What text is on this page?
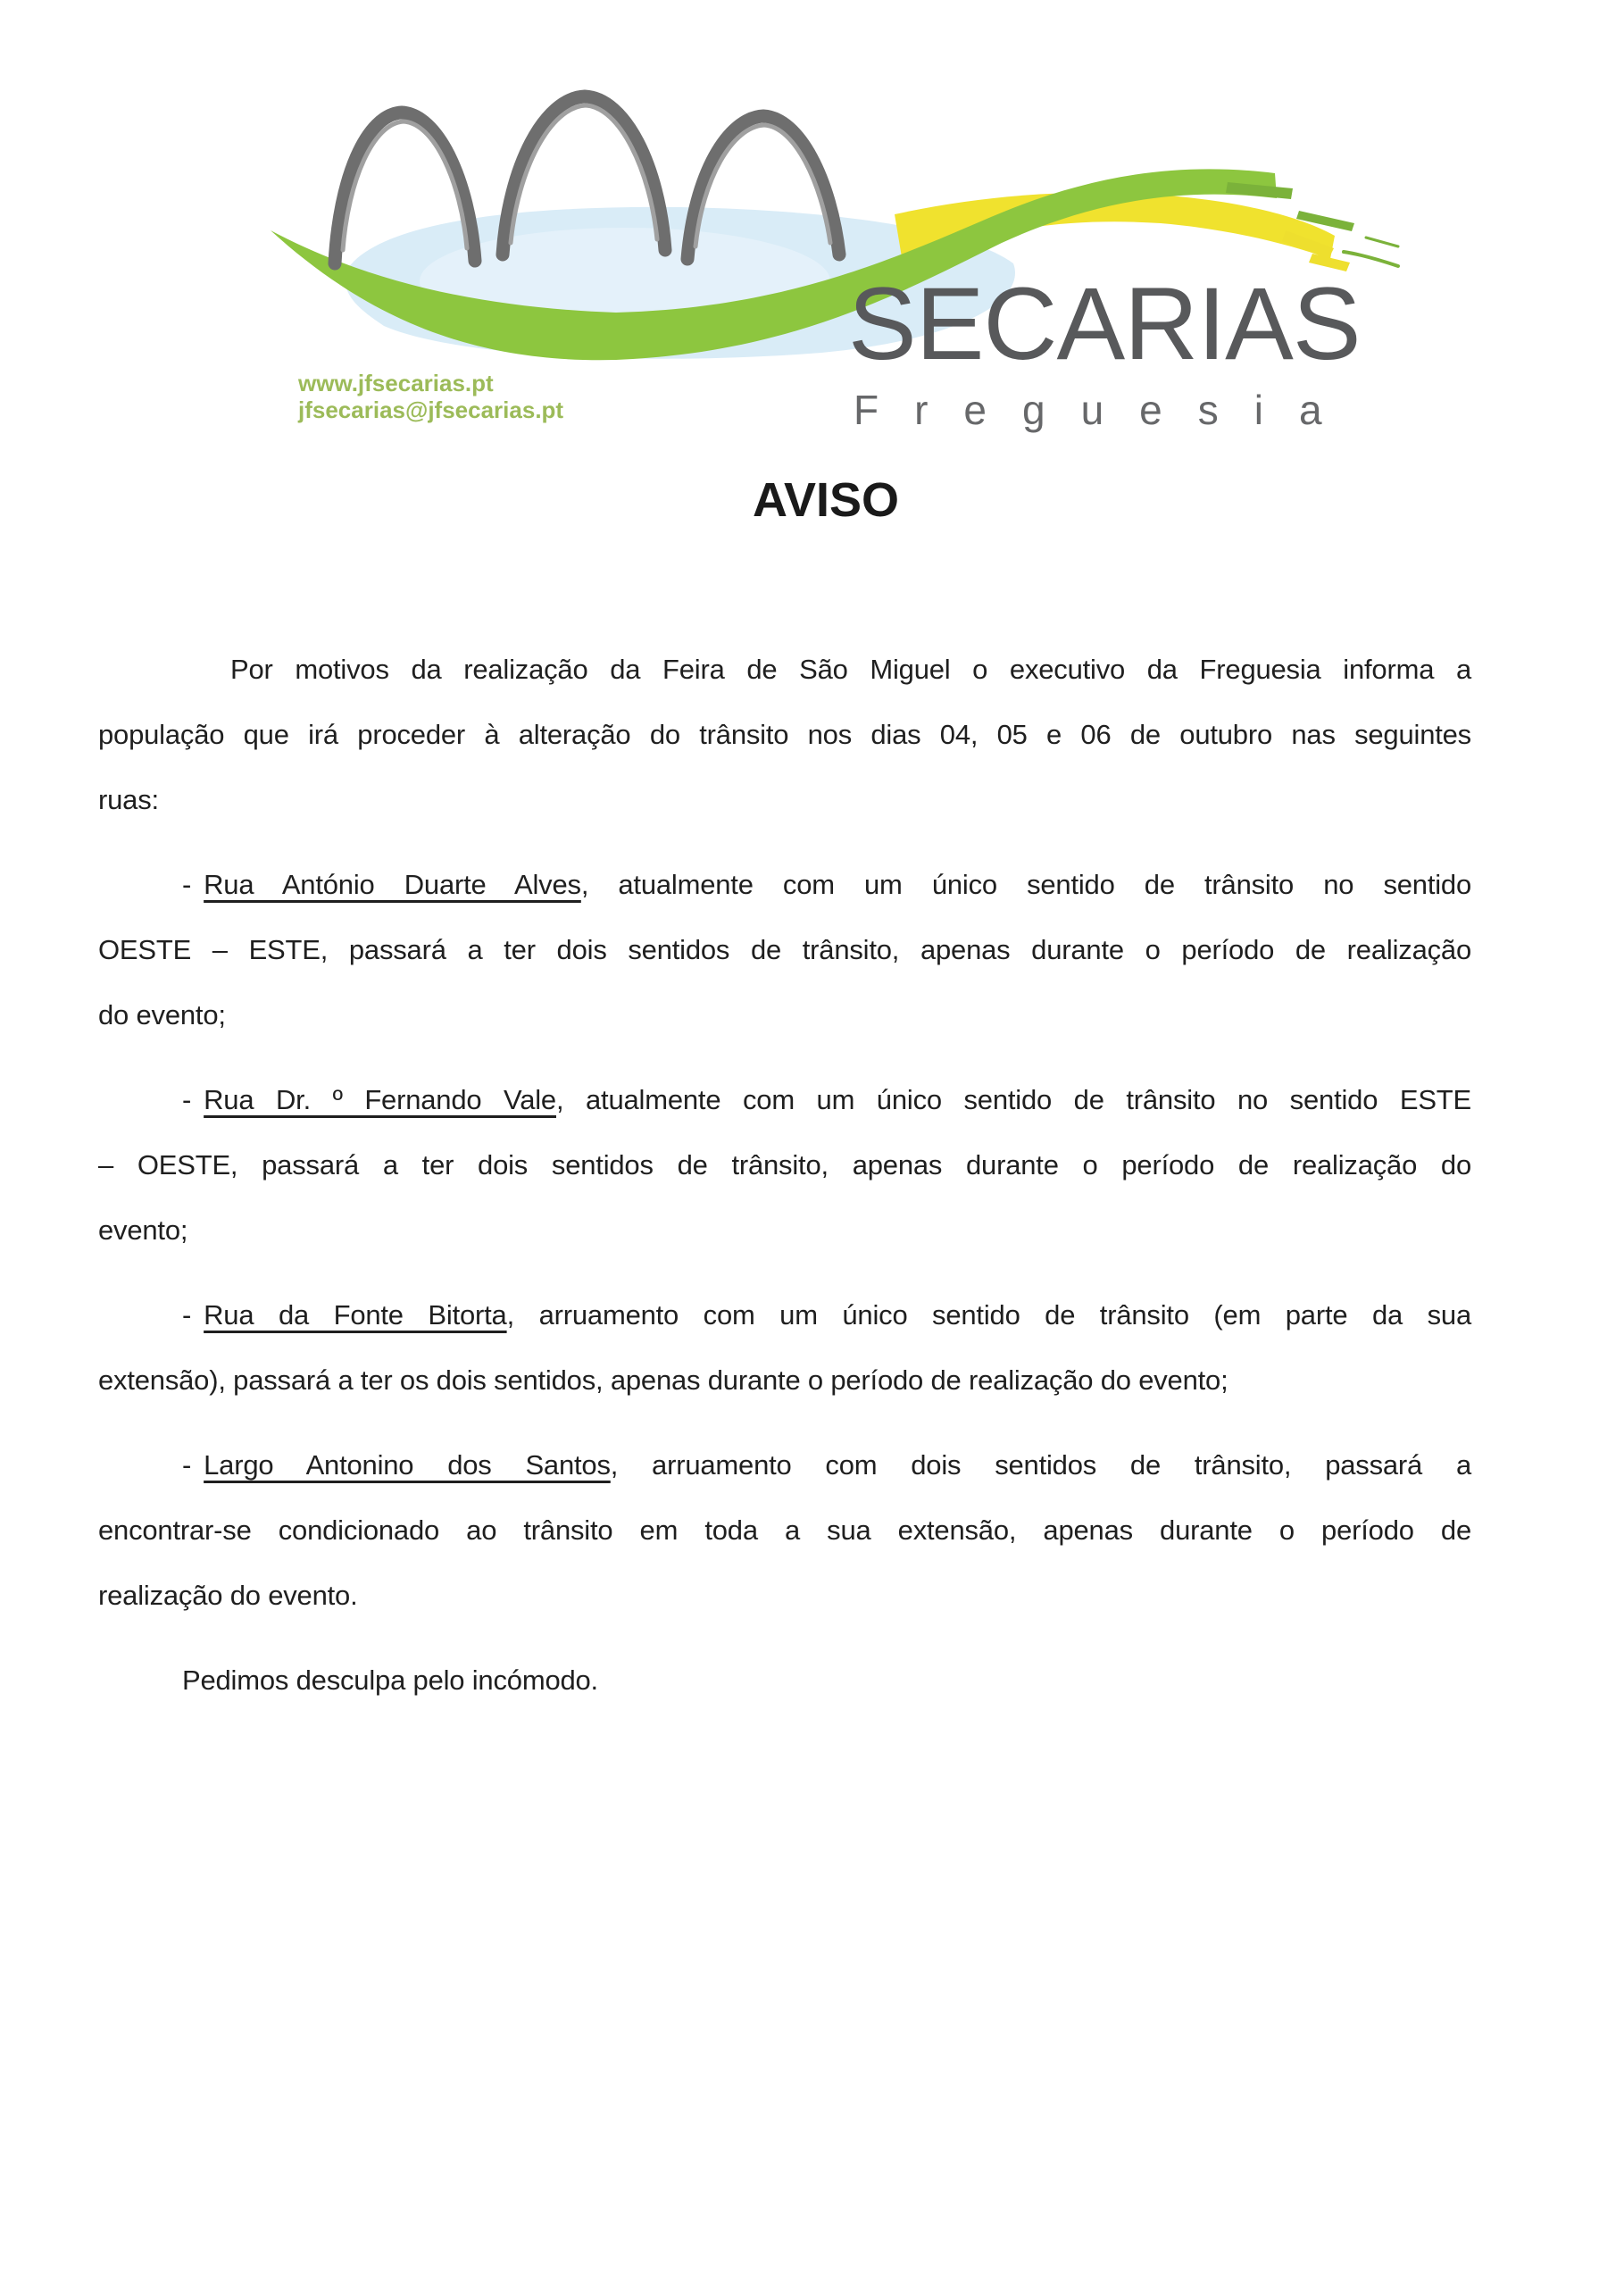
SECARIAS
Freguesia
www.jfsecarias.pt
jfsecarias@jfsecarias.pt
AVISO
Por motivos da realização da Feira de São Miguel o executivo da Freguesia informa a
população que irá proceder à alteração do trânsito nos dias 04, 05 e 06 de outubro nas seguintes
ruas:
- Rua António Duarte Alves, atualmente com um único sentido de trânsito no sentido
OESTE – ESTE, passará a ter dois sentidos de trânsito, apenas durante o período de realização
do evento;
- Rua Dr. º Fernando Vale, atualmente com um único sentido de trânsito no sentido ESTE
– OESTE, passará a ter dois sentidos de trânsito, apenas durante o período de realização do
evento;
- Rua da Fonte Bitorta, arruamento com um único sentido de trânsito (em parte da sua
extensão), passará a ter os dois sentidos, apenas durante o período de realização do evento;
- Largo Antonino dos Santos, arruamento com dois sentidos de trânsito, passará a
encontrar-se condicionado ao trânsito em toda a sua extensão, apenas durante o período de
realização do evento.
Pedimos desculpa pelo incómodo.
